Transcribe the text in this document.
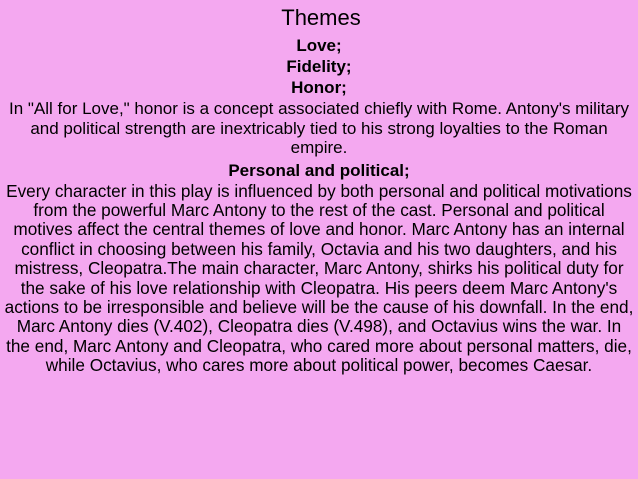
Themes
Love;
Fidelity;
Honor;

In "All for Love," honor is a concept associated chiefly with Rome. Antony's military and political strength are inextricably tied to his strong loyalties to the Roman empire.

Personal and political;

Every character in this play is influenced by both personal and political motivations from the powerful Marc Antony to the rest of the cast. Personal and political motives affect the central themes of love and honor. Marc Antony has an internal conflict in choosing between his family, Octavia and his two daughters, and his mistress, Cleopatra.The main character, Marc Antony, shirks his political duty for the sake of his love relationship with Cleopatra. His peers deem Marc Antony's actions to be irresponsible and believe will be the cause of his downfall. In the end, Marc Antony dies (V.402), Cleopatra dies (V.498), and Octavius wins the war. In the end, Marc Antony and Cleopatra, who cared more about personal matters, die, while Octavius, who cares more about political power, becomes Caesar.
